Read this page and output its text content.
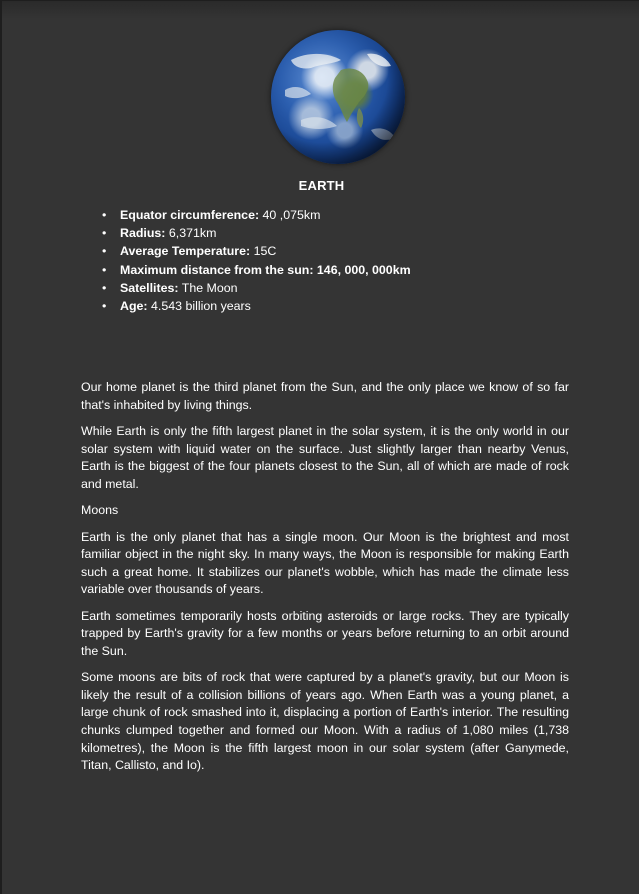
EARTH
• Equator circumference: 40 ,075km
• Radius: 6,371km
• Average Temperature: 15C
• Maximum distance from the sun: 146, 000, 000km
• Satellites: The Moon
• Age: 4.543 billion years

Our home planet is the third planet from the Sun, and the only place we know of so far that's inhabited by living things.

While Earth is only the fifth largest planet in the solar system, it is the only world in our solar system with liquid water on the surface. Just slightly larger than nearby Venus, Earth is the biggest of the four planets closest to the Sun, all of which are made of rock and metal.

Moons

Earth is the only planet that has a single moon. Our Moon is the brightest and most familiar object in the night sky. In many ways, the Moon is responsible for making Earth such a great home. It stabilizes our planet's wobble, which has made the climate less variable over thousands of years.

Earth sometimes temporarily hosts orbiting asteroids or large rocks. They are typically trapped by Earth's gravity for a few months or years before returning to an orbit around the Sun.

Some moons are bits of rock that were captured by a planet's gravity, but our Moon is likely the result of a collision billions of years ago. When Earth was a young planet, a large chunk of rock smashed into it, displacing a portion of Earth's interior. The resulting chunks clumped together and formed our Moon. With a radius of 1,080 miles (1,738 kilometres), the Moon is the fifth largest moon in our solar system (after Ganymede, Titan, Callisto, and Io).
